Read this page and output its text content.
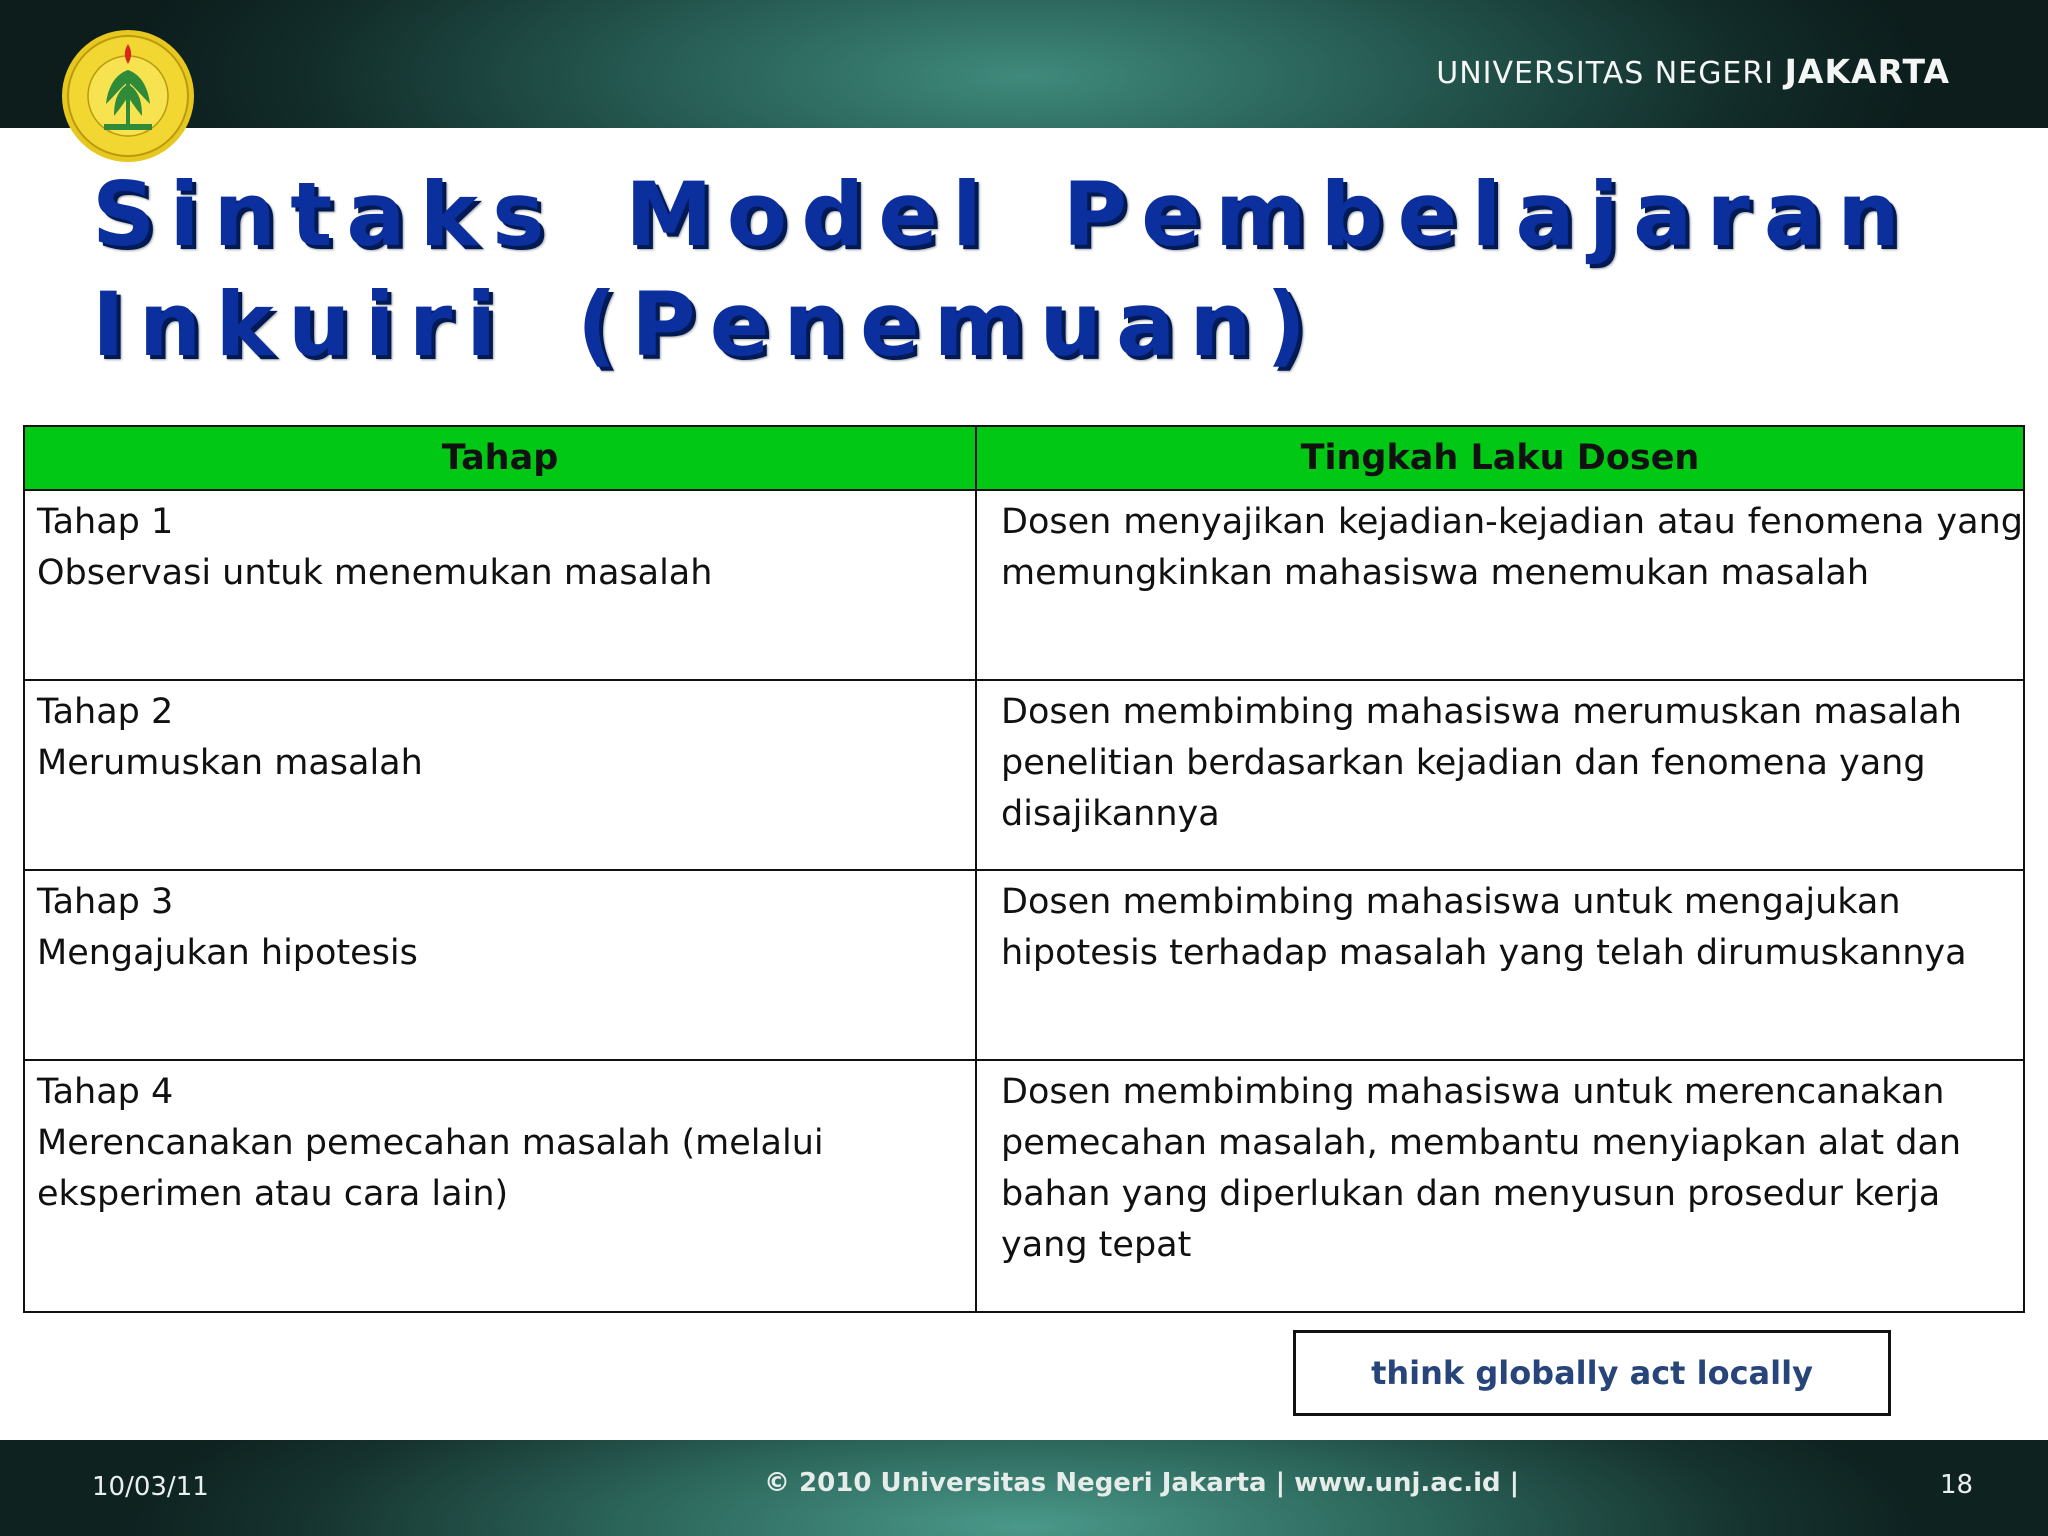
UNIVERSITAS NEGERI JAKARTA
Sintaks Model Pembelajaran
Inkuiri (Penemuan)
Tahap	Tingkah Laku Dosen

Tahap 1
Observasi untuk menemukan masalah	Dosen menyajikan kejadian-kejadian atau fenomena yang memungkinkan mahasiswa menemukan masalah

Tahap 2
Merumuskan masalah	Dosen membimbing mahasiswa merumuskan masalah penelitian berdasarkan kejadian dan fenomena yang disajikannya

Tahap 3
Mengajukan hipotesis	Dosen membimbing mahasiswa untuk mengajukan hipotesis terhadap masalah yang telah dirumuskannya

Tahap 4
Merencanakan pemecahan masalah (melalui eksperimen atau cara lain)	Dosen membimbing mahasiswa untuk merencanakan pemecahan masalah, membantu menyiapkan alat dan bahan yang diperlukan dan menyusun prosedur kerja yang tepat
think globally act locally
10/03/11	© 2010 Universitas Negeri Jakarta | www.unj.ac.id |	18
